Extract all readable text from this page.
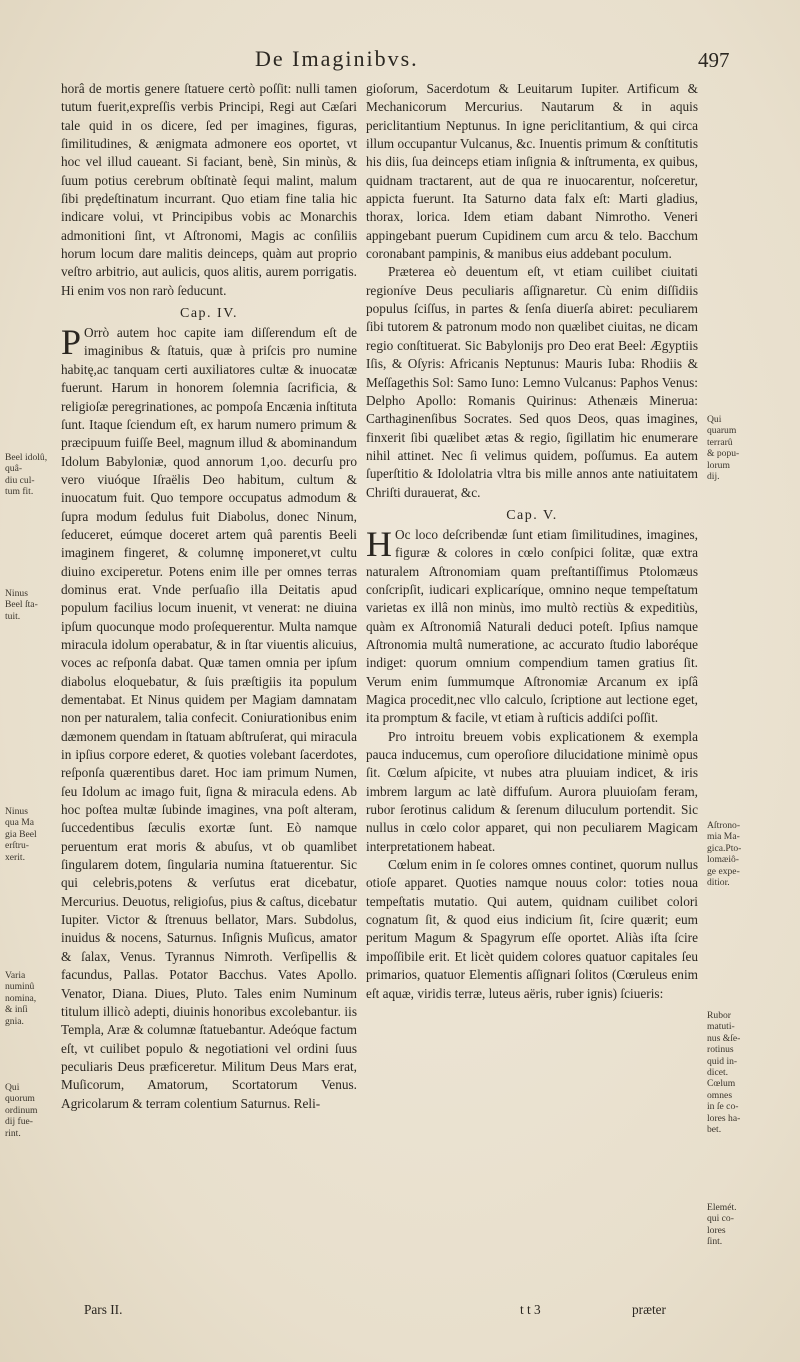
De Imaginibvs.	497

horâ de mortis genere ſtatuere certò poſſit: nulli tamen tutum fuerit,expreſſis verbis Principi, Regi aut Cæſari tale quid in os dicere, ſed per imagines, figuras, ſimilitudines, & ænigmata admonere eos oportet, vt hoc vel illud caueant. Si faciant, benè, Sin minùs, & ſuum potius cerebrum obſtinatè ſequi malint, malum ſibi prędeſtinatum incurrant. Quo etiam fine talia hic indicare volui, vt Principibus vobis ac Monarchis admonitioni ſint, vt Aſtronomi, Magis ac conſiliis horum locum dare malitis deinceps, quàm aut proprio veſtro arbitrio, aut aulicis, quos alitis, aurem porrigatis. Hi enim vos non rarò ſeducunt.

Cap. IV.

P Orrò autem hoc capite iam diſſerendum eſt de imaginibus & ſtatuis, quæ à priſcis pro numine habitę,ac tanquam certi auxiliatores cultæ & inuocatæ fuerunt. Harum in honorem ſolemnia ſacrificia, & religioſæ peregrinationes, ac pompoſa Encænia inſtituta ſunt. Itaque ſciendum eſt, ex harum numero primum & præcipuum fuiſſe Beel, magnum illud & abominandum Idolum Babyloniæ, quod annorum 1,oo. decurſu pro vero viuóque Iſraëlis Deo habitum, cultum & inuocatum fuit. Quo tempore occupatus admodum & ſupra modum ſedulus fuit Diabolus, donec Ninum, ſeduceret, eúmque doceret artem quâ parentis Beeli imaginem fingeret, & columnę imponeret,vt cultu diuino exciperetur. Potens enim ille per omnes terras dominus erat. Vnde perſuaſio illa Deitatis apud populum facilius locum inuenit, vt venerat: ne diuina ipſum quocunque modo proſequerentur. Multa namque miracula idolum operabatur, & in ſtar viuentis alicuius, voces ac reſponſa dabat. Quæ tamen omnia per ipſum diabolus eloquebatur, & ſuis præſtigiis ita populum dementabat. Et Ninus quidem per Magiam damnatam non per naturalem, talia confecit. Coniurationibus enim dæmonem quendam in ſtatuam abſtruſerat, qui miracula in ipſius corpore ederet, & quoties volebant ſacerdotes, reſponſa quærentibus daret. Hoc iam primum Numen, ſeu Idolum ac imago fuit, ſigna & miracula edens. Ab hoc poſtea multæ ſubinde imagines, vna poſt alteram, ſuccedentibus ſæculis exortæ ſunt. Eò namque peruentum erat moris & abuſus, vt ob quamlibet ſingularem dotem, ſingularia numina ſtatuerentur. Sic qui celebris,potens & verſutus erat dicebatur, Mercurius. Deuotus, religioſus, pius & caſtus, dicebatur Iupiter. Victor & ſtrenuus bellator, Mars. Subdolus, inuidus & nocens, Saturnus. Inſignis Muſicus, amator & ſalax, Venus. Tyrannus Nimroth. Verſipellis & facundus, Pallas. Potator Bacchus. Vates Apollo. Venator, Diana. Diues, Pluto. Tales enim Numinum titulum illicò adepti, diuinis honoribus excolebantur. iis Templa, Aræ & columnæ ſtatuebantur. Adeóque factum eſt, vt cuilibet populo & negotiationi vel ordini ſuus peculiaris Deus præficeretur. Militum Deus Mars erat, Muſicorum, Amatorum, Scortatorum Venus. Agricolarum & terram colentium Saturnus. Reli-

gioſorum, Sacerdotum & Leuitarum Iupiter. Artificum & Mechanicorum Mercurius. Nautarum & in aquis periclitantium Neptunus. In igne periclitantium, & qui circa illum occupantur Vulcanus, &c. Inuentis primum & conſtitutis his diis, ſua deinceps etiam inſignia & inſtrumenta, ex quibus, quidnam tractarent, aut de qua re inuocarentur, noſceretur, appicta fuerunt. Ita Saturno data falx eſt: Marti gladius, thorax, lorica. Idem etiam dabant Nimrotho. Veneri appingebant puerum Cupidinem cum arcu & telo. Bacchum coronabant pampinis, & manibus eius addebant poculum.

Præterea eò deuentum eſt, vt etiam cuilibet ciuitati regioníve Deus peculiaris aſſignaretur. Cù enim diſſidiis populus ſciſſus, in partes & ſenſa diuerſa abiret: peculiarem ſibi tutorem & patronum modo non quælibet ciuitas, ne dicam regio conſtituerat. Sic Babylonijs pro Deo erat Beel: Ægyptiis Iſis, & Oſyris: Africanis Neptunus: Mauris Iuba: Rhodiis & Meſſagethis Sol: Samo Iuno: Lemno Vulcanus: Paphos Venus: Delpho Apollo: Romanis Quirinus: Athenæis Minerua: Carthaginenſibus Socrates. Sed quos Deos, quas imagines, finxerit ſibi quælibet ætas & regio, ſigillatim hic enumerare nihil attinet. Nec ſi velimus quidem, poſſumus. Ea autem ſuperſtitio & Idololatria vltra bis mille annos ante natiuitatem Chriſti durauerat, &c.

Cap. V.

H Oc loco deſcribendæ ſunt etiam ſimilitudines, imagines, figuræ & colores in cœlo conſpici ſolitæ, quæ extra naturalem Aſtronomiam quam preſtantiſſimus Ptolomæus conſcripſit, iudicari explicaríque, omnino neque tempeſtatum varietas ex illâ non minùs, imo multò rectiùs & expeditiùs, quàm ex Aſtronomiâ Naturali deduci poteſt. Ipſius namque Aſtronomia multâ numeratione, ac accurato ſtudio laboréque indiget: quorum omnium compendium tamen gratius ſit. Verum enim ſummumque Aſtronomiæ Arcanum ex ipſâ Magica procedit,nec vllo calculo, ſcriptione aut lectione eget, ita promptum & facile, vt etiam à ruſticis addiſci poſſit.

Pro introitu breuem vobis explicationem & exempla pauca inducemus, cum operoſiore dilucidatione minimè opus ſit. Cœlum aſpicite, vt nubes atra pluuiam indicet, & iris imbrem largum ac latè diffuſum. Aurora pluuioſam feram, rubor ſerotinus calidum & ſerenum diluculum portendit. Sic nullus in cœlo color apparet, qui non peculiarem Magicam interpretationem habeat.

Cœlum enim in ſe colores omnes continet, quorum nullus otioſe apparet. Quoties namque nouus color: toties noua tempeſtatis mutatio. Qui autem, quidnam cuilibet colori cognatum ſit, & quod eius indicium ſit, ſcire quærit; eum peritum Magum & Spagyrum eſſe oportet. Aliàs iſta ſcire impoſſibile erit. Et licèt quidem colores quatuor capitales ſeu primarios, quatuor Elementis aſſignari ſolitos (Cœruleus enim eſt aquæ, viridis terræ, luteus aëris, ruber ignis) ſciueris:

Beel idolû, quâ-
diu cul-
tum fit.
Ninus
Beel ſta-
tuit.
Ninus
qua Ma
gia Beel
erſtru-
xerit.
Varia
numinû
nomina,
& inſi
gnia.
Qui
quorum
ordinum
dij fue-
rint.
Qui
quarum
terrarû
& popu-
lorum
dij.
Aſtrono-
mia Ma-
gica.Pto-
lomæiô-
ge expe-
ditior.
Rubor
matuti-
nus &ſe-
rotinus
quid in-
dicet.
Cœlum
omnes
in ſe co-
lores ha-
bet.
Elemét.
qui co-
lores
ſint.
Pars II.	t t 3	præter
